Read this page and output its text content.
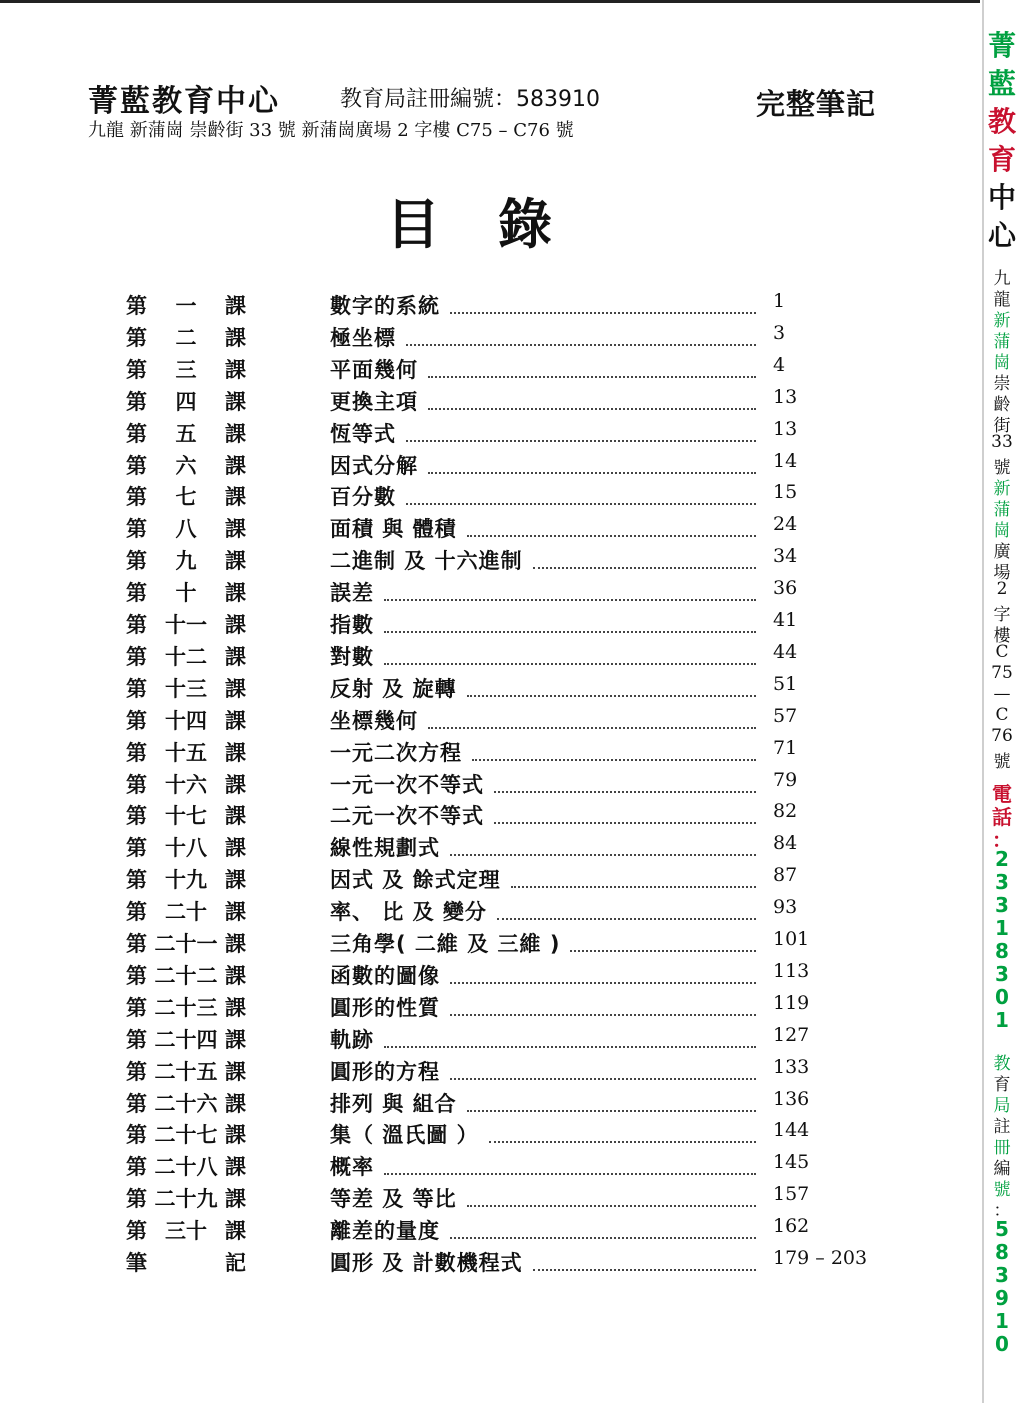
菁藍教育中心	教育局註冊編號：583910	完整筆記
九龍 新蒲崗 崇齡街 33 號 新蒲崗廣場 2 字樓 C75 – C76 號
目錄
第	一	課	數字的系統	1
第	二	課	極坐標	3
第	三	課	平面幾何	4
第	四	課	更換主項	13
第	五	課	恆等式	13
第	六	課	因式分解	14
第	七	課	百分數	15
第	八	課	面積 與 體積	24
第	九	課	二進制 及 十六進制	34
第	十	課	誤差	36
第 十一 課	指數	41
第 十二 課	對數	44
第 十三 課	反射 及 旋轉	51
第 十四 課	坐標幾何	57
第 十五 課	一元二次方程	71
第 十六 課	一元一次不等式	79
第 十七 課	二元一次不等式	82
第 十八 課	線性規劃式	84
第 十九 課	因式 及 餘式定理	87
第 二十 課	率、 比 及 變分	93
第 二十一 課	三角學( 二維 及 三維 )	101
第 二十二 課	函數的圖像	113
第 二十三 課	圓形的性質	119
第 二十四 課	軌跡	127
第 二十五 課	圓形的方程	133
第 二十六 課	排列 與 組合	136
第 二十七 課	集（ 溫氏圖 ）	144
第 二十八 課	概率	145
第 二十九 課	等差 及 等比	157
第 三十 課	離差的量度	162
筆	記	圓形 及 計數機程式	179 – 203
菁
藍
教
育
中
心
九
龍
新
蒲
崗
崇
齡
街
33
號
新
蒲
崗
廣
場
2
字
樓
C
75
—
C
76
號
電
話
：
2
3
3
1
8
3
0
1
教
育
局
註
冊
編
號
：
5
8
3
9
1
0
